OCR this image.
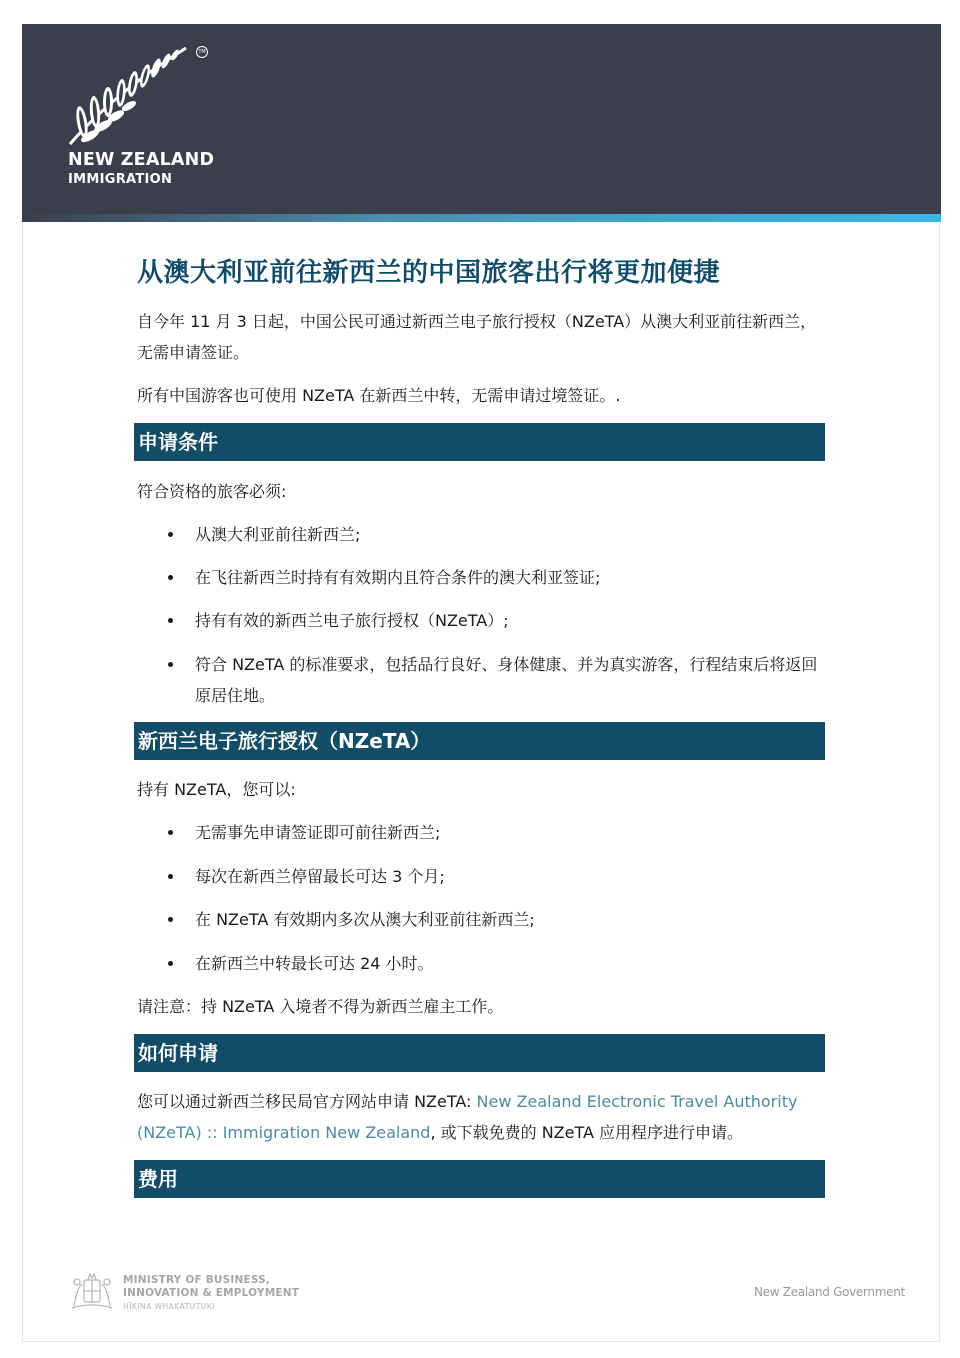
TM
NEW ZEALAND
IMMIGRATION
从澳大利亚前往新西兰的中国旅客出行将更加便捷
自今年 11 月 3 日起，中国公民可通过新西兰电子旅行授权（NZeTA）从澳大利亚前往新西兰，无需申请签证。
所有中国游客也可使用 NZeTA 在新西兰中转，无需申请过境签证。.
申请条件
符合资格的旅客必须:
从澳大利亚前往新西兰;
在飞往新西兰时持有有效期内且符合条件的澳大利亚签证;
持有有效的新西兰电子旅行授权（NZeTA）;
符合 NZeTA 的标准要求，包括品行良好、身体健康、并为真实游客，行程结束后将返回原居住地。
新西兰电子旅行授权（NZeTA）
持有 NZeTA，您可以:
无需事先申请签证即可前往新西兰;
每次在新西兰停留最长可达 3 个月;
在 NZeTA 有效期内多次从澳大利亚前往新西兰;
在新西兰中转最长可达 24 小时。
请注意：持 NZeTA 入境者不得为新西兰雇主工作。
如何申请
您可以通过新西兰移民局官方网站申请 NZeTA: New Zealand Electronic Travel Authority (NZeTA) :: Immigration New Zealand, 或下载免费的 NZeTA 应用程序进行申请。
费用
MINISTRY OF BUSINESS,
INNOVATION & EMPLOYMENT
HĪKINA WHAKATUTUKI
New Zealand Government
